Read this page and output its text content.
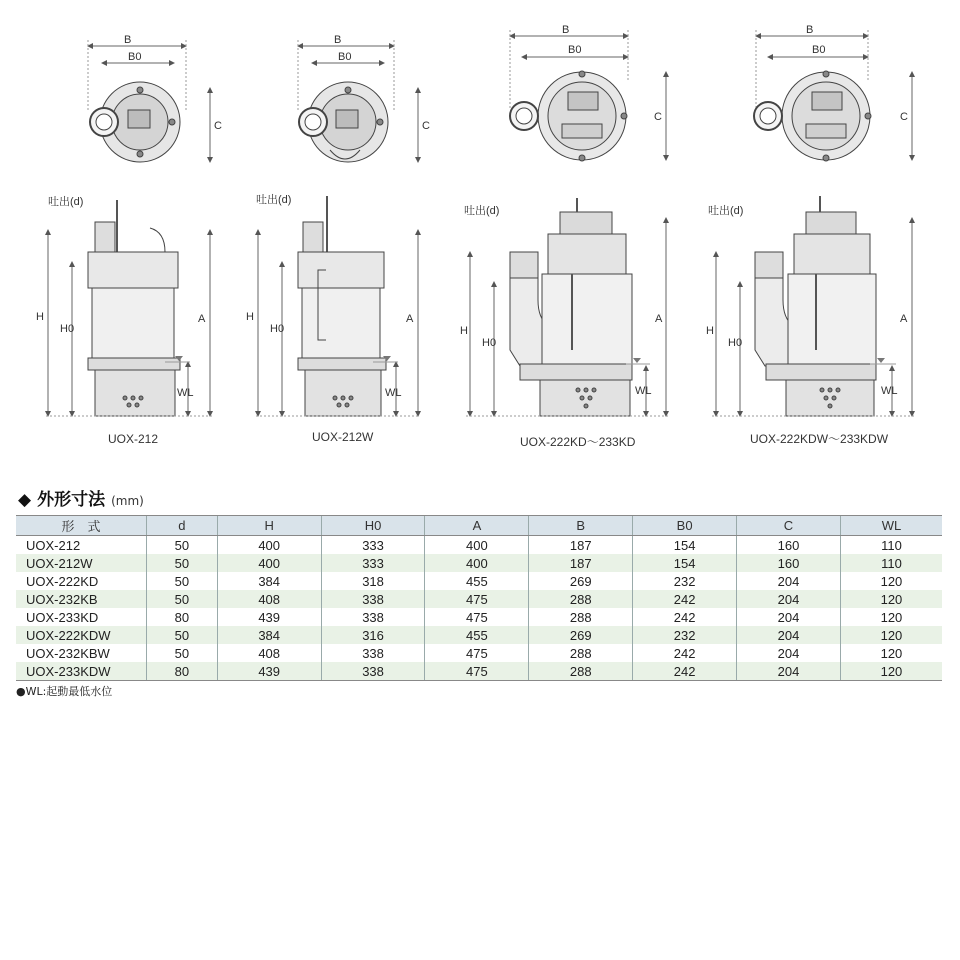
B
B0
C
吐出(d)
H
H0
A
WL
B
B0
C
吐出(d)
H
H0
A
WL
B
B0
C
吐出(d)
H
H0
A
WL
B
B0
C
吐出(d)
H
H0
A
WL
UOX-212	UOX-212W	UOX-222KD～233KD	UOX-222KDW～233KDW
◆ 外形寸法 (mm)
形　式	d	H	H0	A	B	B0	C	WL
UOX-212	50	400	333	400	187	154	160	110
UOX-212W	50	400	333	400	187	154	160	110
UOX-222KD	50	384	318	455	269	232	204	120
UOX-232KB	50	408	338	475	288	242	204	120
UOX-233KD	80	439	338	475	288	242	204	120
UOX-222KDW	50	384	316	455	269	232	204	120
UOX-232KBW	50	408	338	475	288	242	204	120
UOX-233KDW	80	439	338	475	288	242	204	120
●WL:起動最低水位
